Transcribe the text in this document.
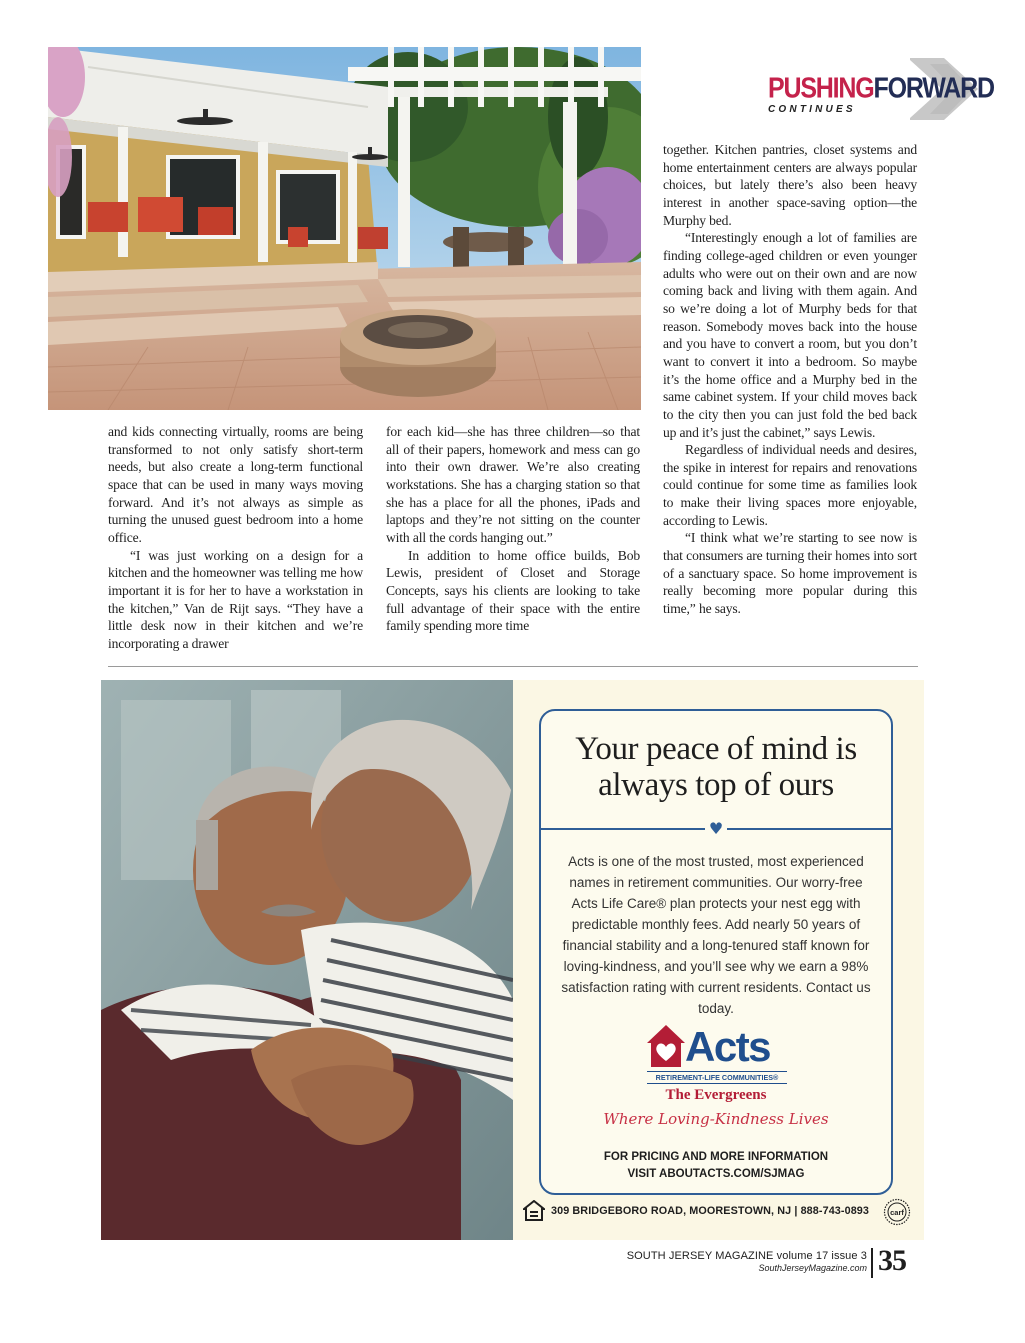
PUSHINGFORWARD
CONTINUES

and kids connecting virtually, rooms are being transformed to not only satisfy short-term needs, but also create a long-term functional space that can be used in many ways moving forward. And it’s not always as simple as turning the unused guest bedroom into a home office.

“I was just working on a design for a kitchen and the homeowner was telling me how important it is for her to have a workstation in the kitchen,” Van de Rijt says. “They have a little desk now in their kitchen and we’re incorporating a drawer

for each kid—she has three children—so that all of their papers, homework and mess can go into their own drawer. We’re also creating workstations. She has a charging station so that she has a place for all the phones, iPads and laptops and they’re not sitting on the counter with all the cords hanging out.”

In addition to home office builds, Bob Lewis, president of Closet and Storage Concepts, says his clients are looking to take full advantage of their space with the entire family spending more time

together. Kitchen pantries, closet systems and home entertainment centers are always popular choices, but lately there’s also been heavy interest in another space-saving option—the Murphy bed.

“Interestingly enough a lot of families are finding college-aged children or even younger adults who were out on their own and are now coming back and living with them again. And so we’re doing a lot of Murphy beds for that reason. Somebody moves back into the house and you have to convert a room, but you don’t want to convert it into a bedroom. So maybe it’s the home office and a Murphy bed in the same cabinet system. If your child moves back to the city then you can just fold the bed back up and it’s just the cabinet,” says Lewis.

Regardless of individual needs and desires, the spike in interest for repairs and renovations could continue for some time as families look to make their living spaces more enjoyable, according to Lewis.

“I think what we’re starting to see now is that consumers are turning their homes into sort of a sanctuary space. So home improvement is really becoming more popular during this time,” he says.

Your peace of mind is
always top of ours
♥
Acts is one of the most trusted, most experienced names in retirement communities. Our worry-free Acts Life Care® plan protects your nest egg with predictable monthly fees. Add nearly 50 years of financial stability and a long-tenured staff known for loving-kindness, and you’ll see why we earn a 98% satisfaction rating with current residents. Contact us today.
Acts
RETIREMENT-LIFE COMMUNITIES®
The Evergreens
Where Loving-Kindness Lives
FOR PRICING AND MORE INFORMATION
VISIT ABOUTACTS.COM/SJMAG
309 BRIDGEBORO ROAD, MOORESTOWN, NJ | 888-743-0893	carf
SOUTH JERSEY MAGAZINE volume 17 issue 3
SouthJerseyMagazine.com 35
